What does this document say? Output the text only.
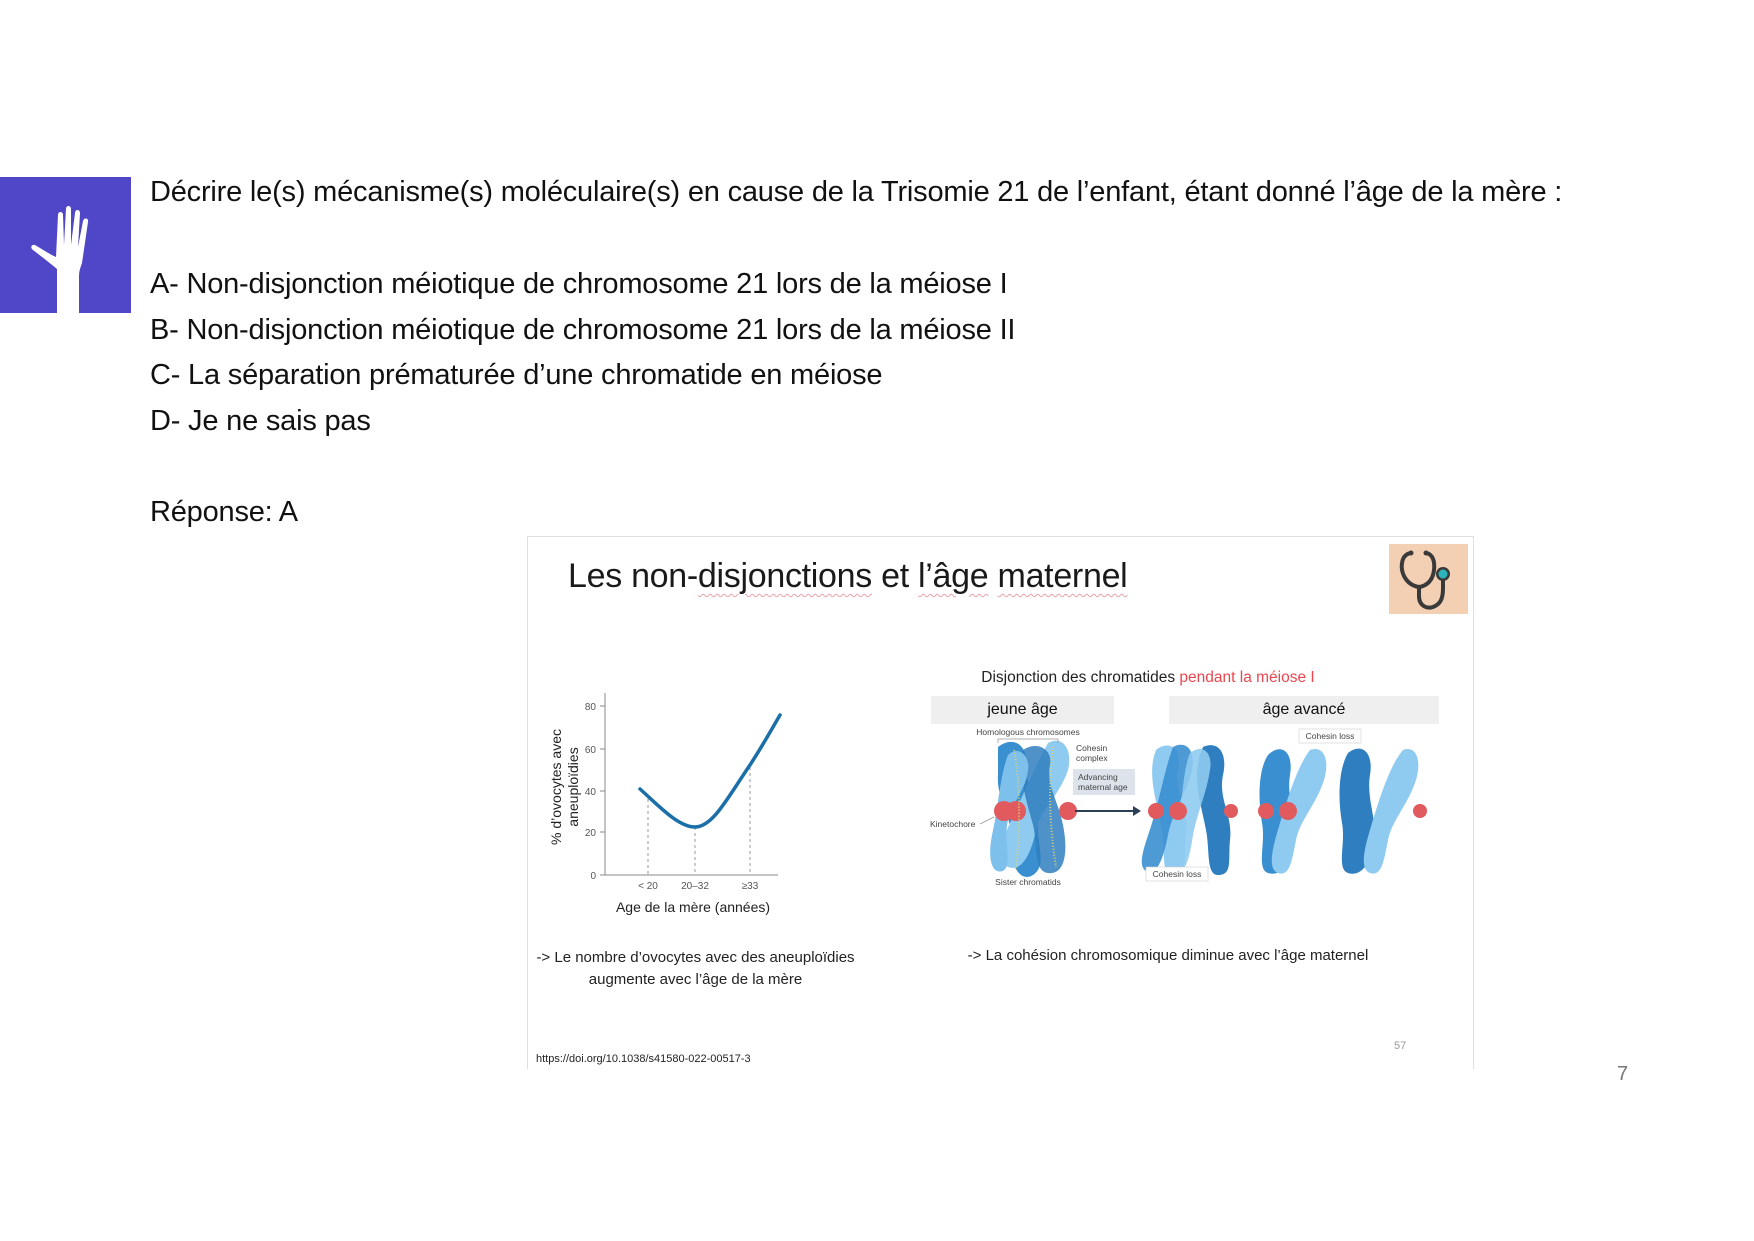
Décrire le(s) mécanisme(s) moléculaire(s) en cause de la Trisomie 21 de l’enfant, étant donné l’âge de la mère :
A- Non-disjonction méiotique de chromosome 21 lors de la méiose I
B- Non-disjonction méiotique de chromosome 21 lors de la méiose II
C- La séparation prématurée d’une chromatide en méiose
D- Je ne sais pas
Réponse: A
Les non-disjonctions et l’âge maternel
0
20
40
60
80
< 20 20–32	≥33
Age de la mère (années)
% d’ovocytes avec aneuploïdies
-> Le nombre d’ovocytes avec des aneuploïdies
augmente avec l’âge de la mère
Disjonction des chromatides pendant la méiose I
jeune âge	âge avancé
Homologous chromosomes
Cohesin
complex
Advancing
maternal age
Kinetochore
Sister chromatids
Cohesin loss
Cohesin loss
-> La cohésion chromosomique diminue avec l’âge maternel
57
https://doi.org/10.1038/s41580-022-00517-3
7
